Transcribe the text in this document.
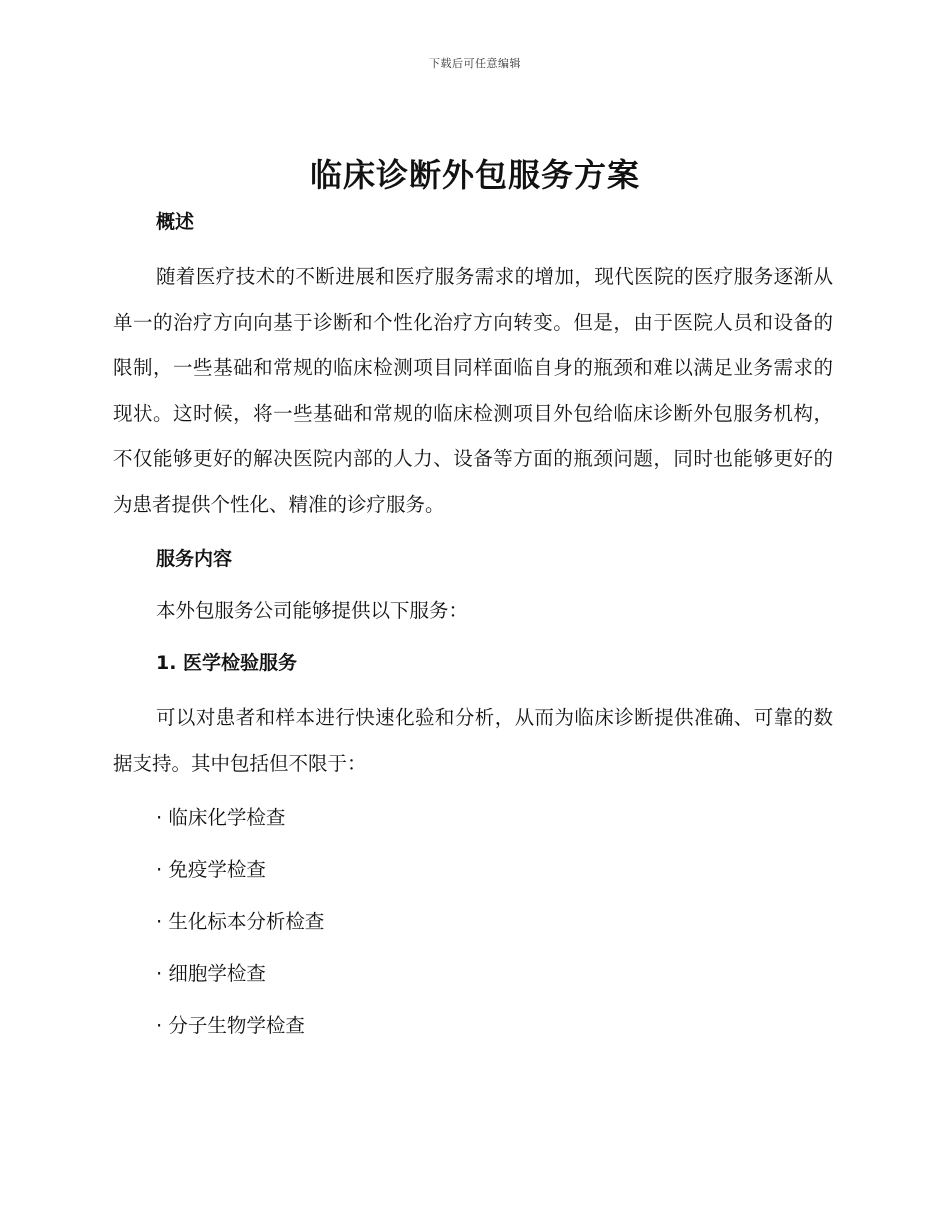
下载后可任意编辑
临床诊断外包服务方案
概述

随着医疗技术的不断进展和医疗服务需求的增加，现代医院的医疗服务逐渐从单一的治疗方向向基于诊断和个性化治疗方向转变。但是，由于医院人员和设备的限制，一些基础和常规的临床检测项目同样面临自身的瓶颈和难以满足业务需求的现状。这时候，将一些基础和常规的临床检测项目外包给临床诊断外包服务机构，不仅能够更好的解决医院内部的人力、设备等方面的瓶颈问题，同时也能够更好的为患者提供个性化、精准的诊疗服务。

服务内容

本外包服务公司能够提供以下服务：

1. 医学检验服务

可以对患者和样本进行快速化验和分析，从而为临床诊断提供准确、可靠的数据支持。其中包括但不限于：

· 临床化学检查
· 免疫学检查
· 生化标本分析检查
· 细胞学检查
· 分子生物学检查
